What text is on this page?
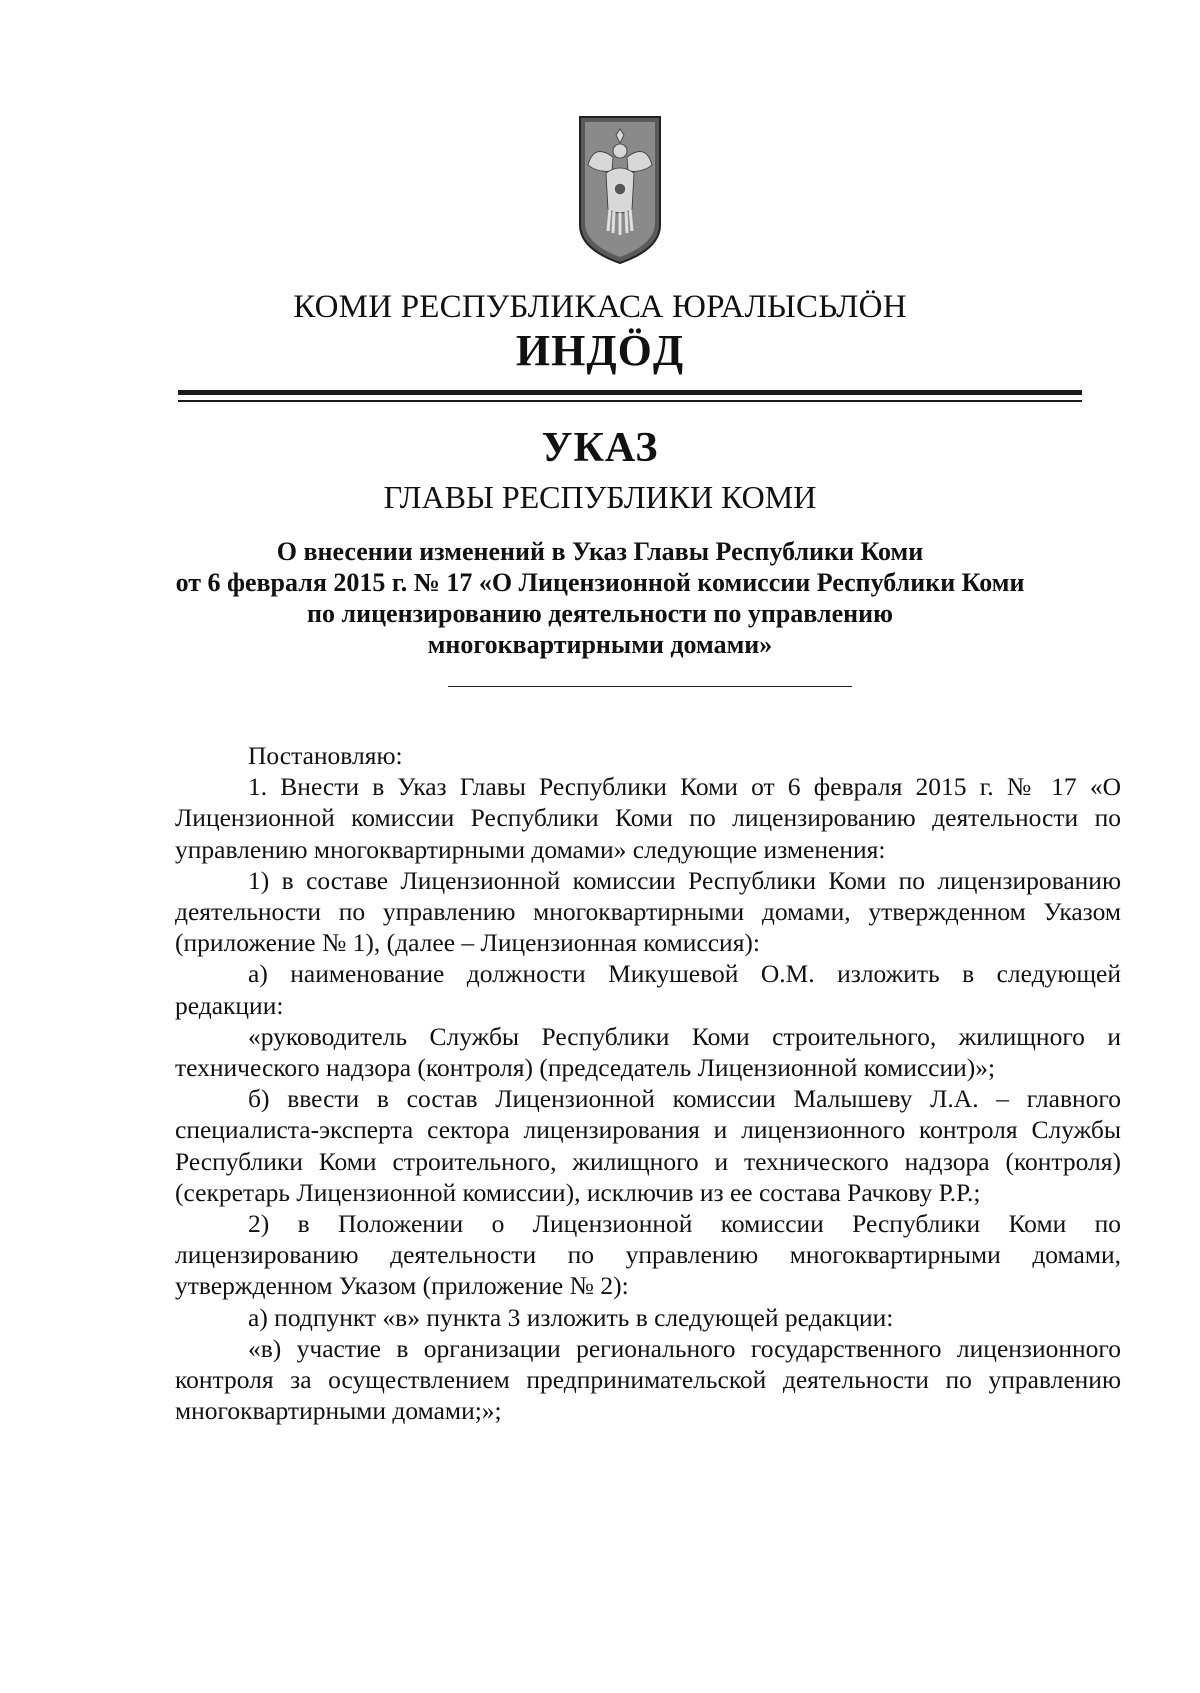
КОМИ РЕСПУБЛИКАСА ЮРАЛЫСЬЛÖН
ИНДÖД
УКАЗ
ГЛАВЫ РЕСПУБЛИКИ КОМИ
О внесении изменений в Указ Главы Республики Коми
от 6 февраля 2015 г. № 17 «О Лицензионной комиссии Республики Коми
по лицензированию деятельности по управлению
многоквартирными домами»

Постановляю:

1. Внести в Указ Главы Республики Коми от 6 февраля 2015 г. № 17 «О Лицензионной комиссии Республики Коми по лицензированию деятельности по управлению многоквартирными домами» следующие изменения:

1) в составе Лицензионной комиссии Республики Коми по лицензированию деятельности по управлению многоквартирными домами, утвержденном Указом (приложение № 1), (далее – Лицензионная комиссия):

а) наименование должности Микушевой О.М. изложить в следующей редакции:

«руководитель Службы Республики Коми строительного, жилищного и технического надзора (контроля) (председатель Лицензионной комиссии)»;

б) ввести в состав Лицензионной комиссии Малышеву Л.А. – главного специалиста-эксперта сектора лицензирования и лицензионного контроля Службы Республики Коми строительного, жилищного и технического надзора (контроля) (секретарь Лицензионной комиссии), исключив из ее состава Рачкову Р.Р.;

2) в Положении о Лицензионной комиссии Республики Коми по лицензированию деятельности по управлению многоквартирными домами, утвержденном Указом (приложение № 2):

а) подпункт «в» пункта 3 изложить в следующей редакции:

«в) участие в организации регионального государственного лицензионного контроля за осуществлением предпринимательской деятельности по управлению многоквартирными домами;»;
